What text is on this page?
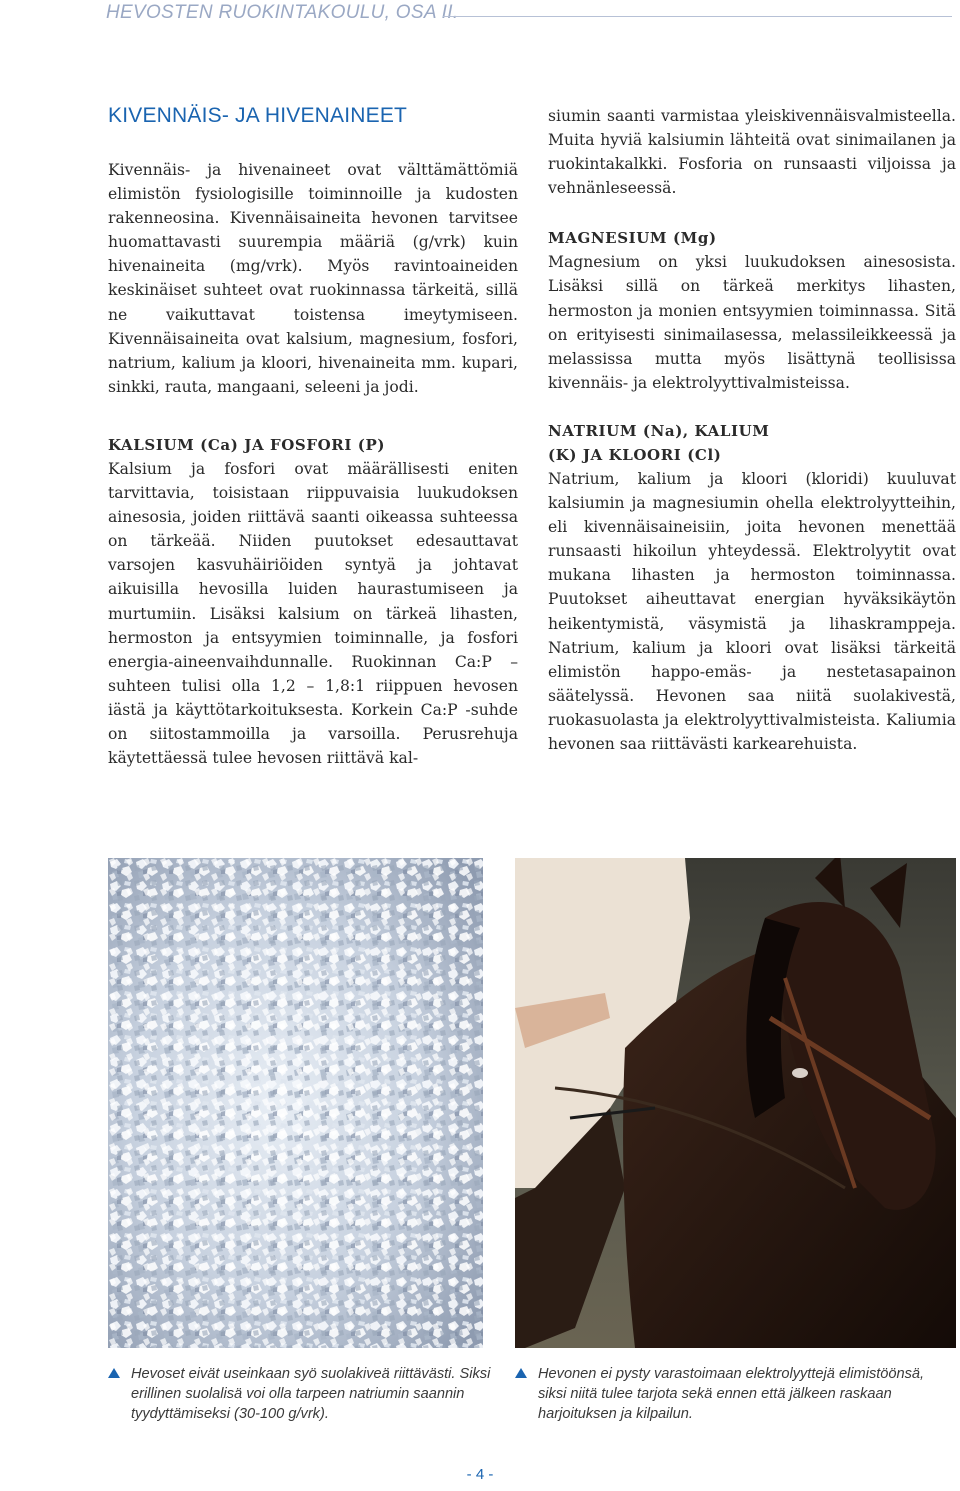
HEVOSTEN RUOKINTAKOULU, OSA II.
KIVENNÄIS- JA HIVENAINEET

Kivennäis- ja hivenaineet ovat välttämättömiä elimistön fysiologisille toiminnoille ja kudosten rakenneosina. Kivennäisaineita hevonen tarvitsee huomattavasti suurempia määriä (g/vrk) kuin hivenaineita (mg/vrk). Myös ravintoaineiden keskinäiset suhteet ovat ruokinnassa tärkeitä, sillä ne vaikuttavat toistensa imeytymiseen. Kivennäisaineita ovat kalsium, magnesium, fosfori, natrium, kalium ja kloori, hivenaineita mm. kupari, sinkki, rauta, mangaani, seleeni ja jodi.

KALSIUM (Ca) JA FOSFORI (P)

Kalsium ja fosfori ovat määrällisesti eniten tarvittavia, toisistaan riippuvaisia luukudoksen ainesosia, joiden riittävä saanti oikeassa suhteessa on tärkeää. Niiden puutokset edesauttavat varsojen kasvuhäiriöiden syntyä ja johtavat aikuisilla hevosilla luiden haurastumiseen ja murtumiin. Lisäksi kalsium on tärkeä lihasten, hermoston ja entsyymien toiminnalle, ja fosfori energia-aineenvaihdunnalle. Ruokinnan Ca:P –suhteen tulisi olla 1,2 – 1,8:1 riippuen hevosen iästä ja käyttötarkoituksesta. Korkein Ca:P -suhde on siitostammoilla ja varsoilla. Perusrehuja käytettäessä tulee hevosen riittävä kal-

siumin saanti varmistaa yleiskivennäisvalmisteella. Muita hyviä kalsiumin lähteitä ovat sinimailanen ja ruokintakalkki. Fosforia on runsaasti viljoissa ja vehnänleseessä.

MAGNESIUM (Mg)

Magnesium on yksi luukudoksen ainesosista. Lisäksi sillä on tärkeä merkitys lihasten, hermoston ja monien entsyymien toiminnassa. Sitä on erityisesti sinimailasessa, melassileikkeessä ja melassissa mutta myös lisättynä teollisissa kivennäis- ja elektrolyyttivalmisteissa.

NATRIUM (Na), KALIUM
(K) JA KLOORI (Cl)

Natrium, kalium ja kloori (kloridi) kuuluvat kalsiumin ja magnesiumin ohella elektrolyytteihin, eli kivennäisaineisiin, joita hevonen menettää runsaasti hikoilun yhteydessä. Elektrolyytit ovat mukana lihasten ja hermoston toiminnassa. Puutokset aiheuttavat energian hyväksikäytön heikentymistä, väsymistä ja lihaskramppeja. Natrium, kalium ja kloori ovat lisäksi tärkeitä elimistön happo-emäs- ja nestetasapainon säätelyssä. Hevonen saa niitä suolakivestä, ruokasuolasta ja elektrolyyttivalmisteista. Kaliumia hevonen saa riittävästi karkearehuista.

Hevoset eivät useinkaan syö suolakiveä riittävästi. Siksi erillinen suolalisä voi olla tarpeen natriumin saannin tyydyttämiseksi (30-100 g/vrk).
Hevonen ei pysty varastoimaan elektrolyyttejä elimistöönsä, siksi niitä tulee tarjota sekä ennen että jälkeen raskaan harjoituksen ja kilpailun.
- 4 -
